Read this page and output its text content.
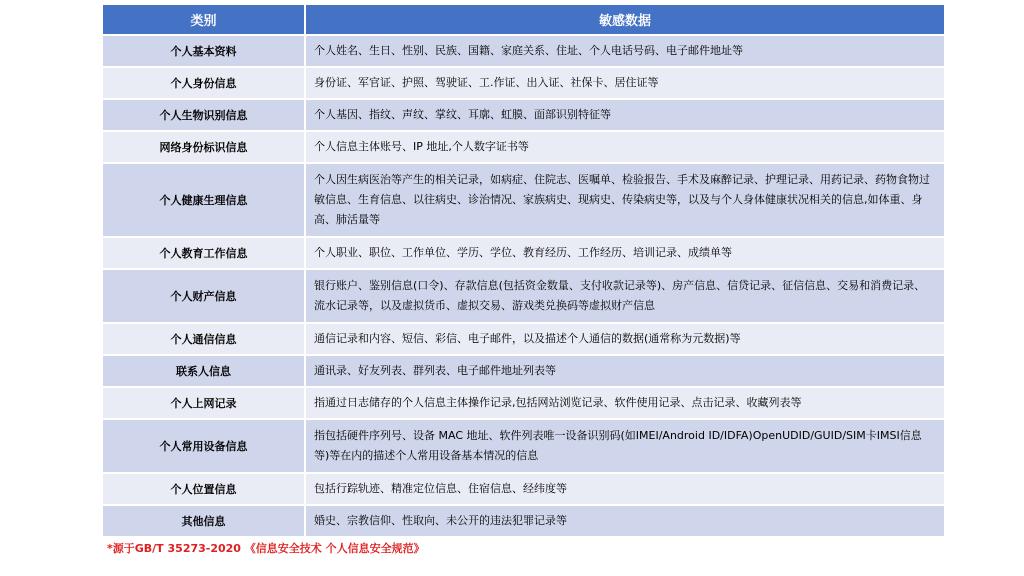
类别	敏感数据
个人基本资料	个人姓名、生日、性别、民族、国籍、家庭关系、住址、个人电话号码、电子邮件地址等
个人身份信息	身份证、军官证、护照、驾驶证、工.作证、出入证、社保卡、居住证等
个人生物识别信息	个人基因、指纹、声纹、掌纹、耳廓、虹膜、面部识别特征等
网络身份标识信息	个人信息主体账号、IP 地址,个人数字证书等
个人健康生理信息	个人因生病医治等产生的相关记录，如病症、住院志、医嘱单、检验报告、手术及麻醉记录、护理记录、用药记录、药物食物过敏信息、生育信息、以往病史、诊治情况、家族病史、现病史、传染病史等，以及与个人身体健康状况相关的信息,如体重、身高、肺活量等
个人教育工作信息	个人职业、职位、工作单位、学历、学位、教育经历、工作经历、培训记录、成绩单等
个人财产信息	银行账户、鉴别信息(口令)、存款信息(包括资金数量、支付收款记录等)、房产信息、信贷记录、征信信息、交易和消费记录、流水记录等，以及虚拟货币、虚拟交易、游戏类兑换码等虚拟财产信息
个人通信信息	通信记录和内容、短信、彩信、电子邮件，以及描述个人通信的数据(通常称为元数据)等
联系人信息	通讯录、好友列表、群列表、电子邮件地址列表等
个人上网记录	指通过日志储存的个人信息主体操作记录,包括网站浏览记录、软件使用记录、点击记录、收藏列表等
个人常用设备信息	指包括硬件序列号、设备 MAC 地址、软件列表唯一设备识别码(如IMEI/Android ID/IDFA)OpenUDID/GUID/SIM卡IMSI信息等)等在内的描述个人常用设备基本情况的信息
个人位置信息	包括行踪轨迹、精准定位信息、住宿信息、经纬度等
其他信息	婚史、宗教信仰、性取向、未公开的违法犯罪记录等
*源于GB/T 35273-2020 《信息安全技术 个人信息安全规范》
